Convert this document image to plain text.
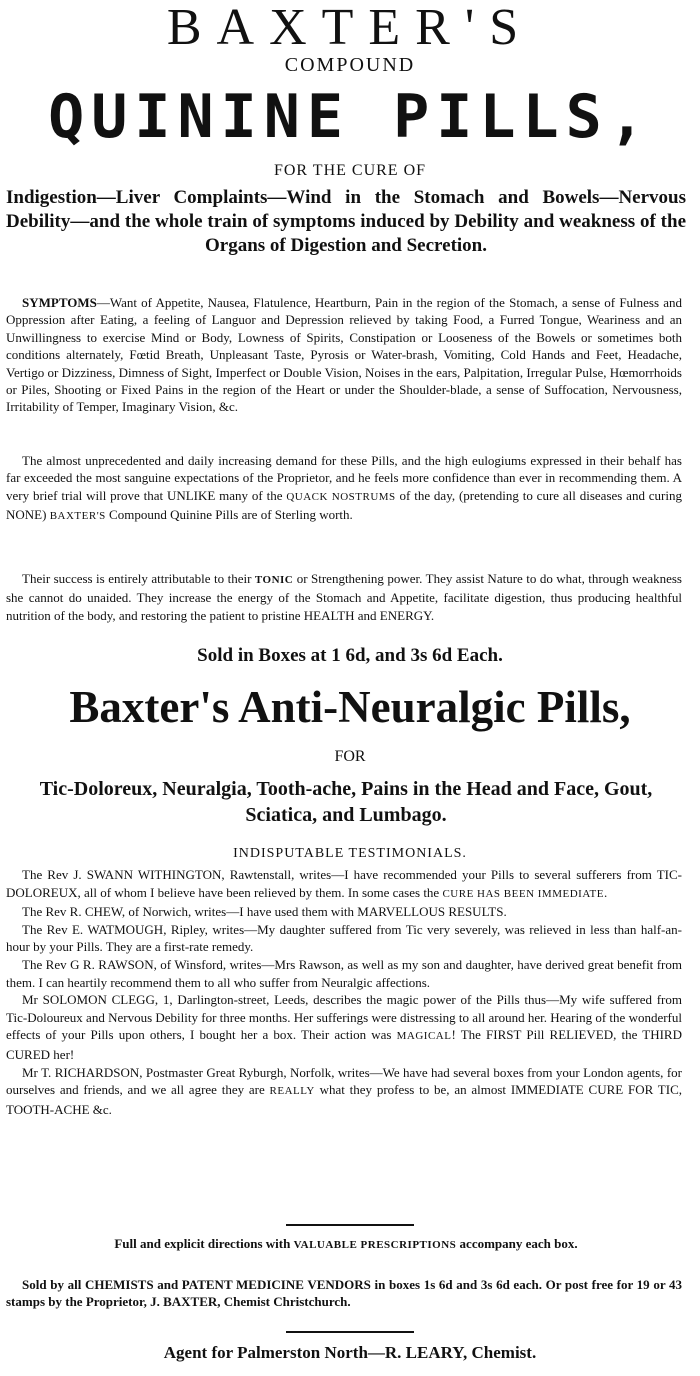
BAXTER'S
COMPOUND
QUININE PILLS,
FOR THE CURE OF
Indigestion—Liver Complaints—Wind in the Stomach and Bowels—Nervous Debility—and the whole train of symptoms induced by Debility and weakness of the Organs of Digestion and Secretion.
SYMPTOMS—Want of Appetite, Nausea, Flatulence, Heartburn, Pain in the region of the Stomach, a sense of Fulness and Oppression after Eating, a feeling of Languor and Depression relieved by taking Food, a Furred Tongue, Weariness and an Unwillingness to exercise Mind or Body, Lowness of Spirits, Constipation or Looseness of the Bowels or sometimes both conditions alternately, Fœtid Breath, Unpleasant Taste, Pyrosis or Water-brash, Vomiting, Cold Hands and Feet, Headache, Vertigo or Dizziness, Dimness of Sight, Imperfect or Double Vision, Noises in the ears, Palpitation, Irregular Pulse, Hœmorrhoids or Piles, Shooting or Fixed Pains in the region of the Heart or under the Shoulder-blade, a sense of Suffocation, Nervousness, Irritability of Temper, Imaginary Vision, &c.
The almost unprecedented and daily increasing demand for these Pills, and the high eulogiums expressed in their behalf has far exceeded the most sanguine expectations of the Proprietor, and he feels more confidence than ever in recommending them. A very brief trial will prove that UNLIKE many of the QUACK NOSTRUMS of the day, (pretending to cure all diseases and curing NONE) BAXTER'S Compound Quinine Pills are of Sterling worth.
Their success is entirely attributable to their TONIC or Strengthening power. They assist Nature to do what, through weakness she cannot do unaided. They increase the energy of the Stomach and Appetite, facilitate digestion, thus producing healthful nutrition of the body, and restoring the patient to pristine HEALTH and ENERGY.
Sold in Boxes at 1 6d, and 3s 6d Each.
Baxter's Anti-Neuralgic Pills,
FOR
Tic-Doloreux, Neuralgia, Tooth-ache, Pains in the Head and Face, Gout, Sciatica, and Lumbago.
INDISPUTABLE TESTIMONIALS.

The Rev J. SWANN WITHINGTON, Rawtenstall, writes—I have recommended your Pills to several sufferers from TIC-DOLOREUX, all of whom I believe have been relieved by them. In some cases the CURE HAS BEEN IMMEDIATE.

The Rev R. CHEW, of Norwich, writes—I have used them with MARVELLOUS RESULTS.

The Rev E. WATMOUGH, Ripley, writes—My daughter suffered from Tic very severely, was relieved in less than half-an-hour by your Pills. They are a first-rate remedy.

The Rev G R. RAWSON, of Winsford, writes—Mrs Rawson, as well as my son and daughter, have derived great benefit from them. I can heartily recommend them to all who suffer from Neuralgic affections.

Mr SOLOMON CLEGG, 1, Darlington-street, Leeds, describes the magic power of the Pills thus—My wife suffered from Tic-Doloureux and Nervous Debility for three months. Her sufferings were distressing to all around her. Hearing of the wonderful effects of your Pills upon others, I bought her a box. Their action was MAGICAL! The FIRST Pill RELIEVED, the THIRD CURED her!

Mr T. RICHARDSON, Postmaster Great Ryburgh, Norfolk, writes—We have had several boxes from your London agents, for ourselves and friends, and we all agree they are REALLY what they profess to be, an almost IMMEDIATE CURE FOR TIC, TOOTH-ACHE &c.

Full and explicit directions with VALUABLE PRESCRIPTIONS accompany each box.
Sold by all CHEMISTS and PATENT MEDICINE VENDORS in boxes 1s 6d and 3s 6d each. Or post free for 19 or 43 stamps by the Proprietor, J. BAXTER, Chemist Christchurch.
Agent for Palmerston North—R. LEARY, Chemist.
